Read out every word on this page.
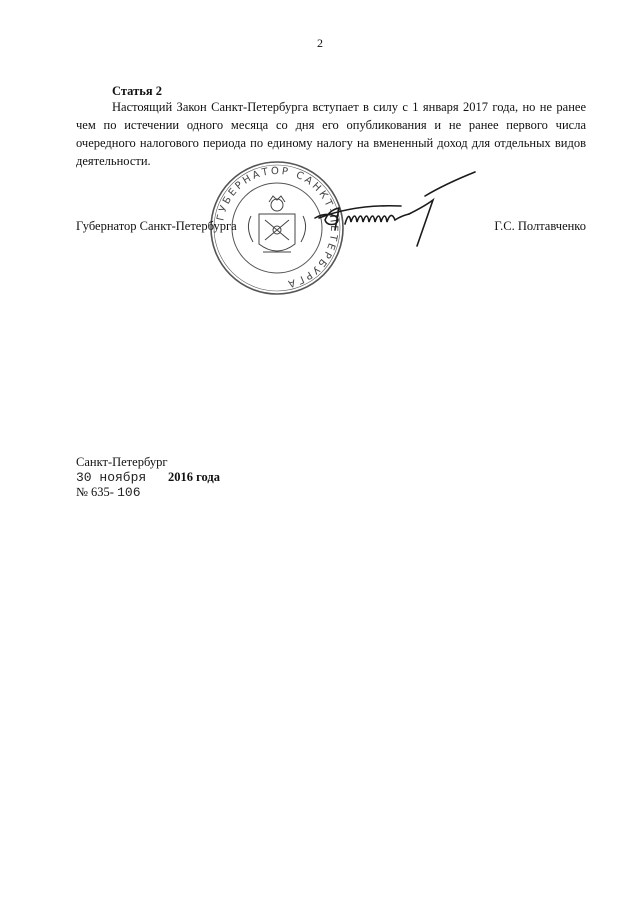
2
Статья 2

Настоящий Закон Санкт-Петербурга вступает в силу с 1 января 2017 года, но не ранее чем по истечении одного месяца со дня его опубликования и не ранее первого числа очередного налогового периода по единому налогу на вмененный доход для отдельных видов деятельности.

ГУБЕРНАТОР САНКТ-ПЕТЕРБУРГА
Губернатор Санкт-Петербурга	Г.С. Полтавченко
Санкт-Петербург
30 ноября 2016 года
№ 635- 106
